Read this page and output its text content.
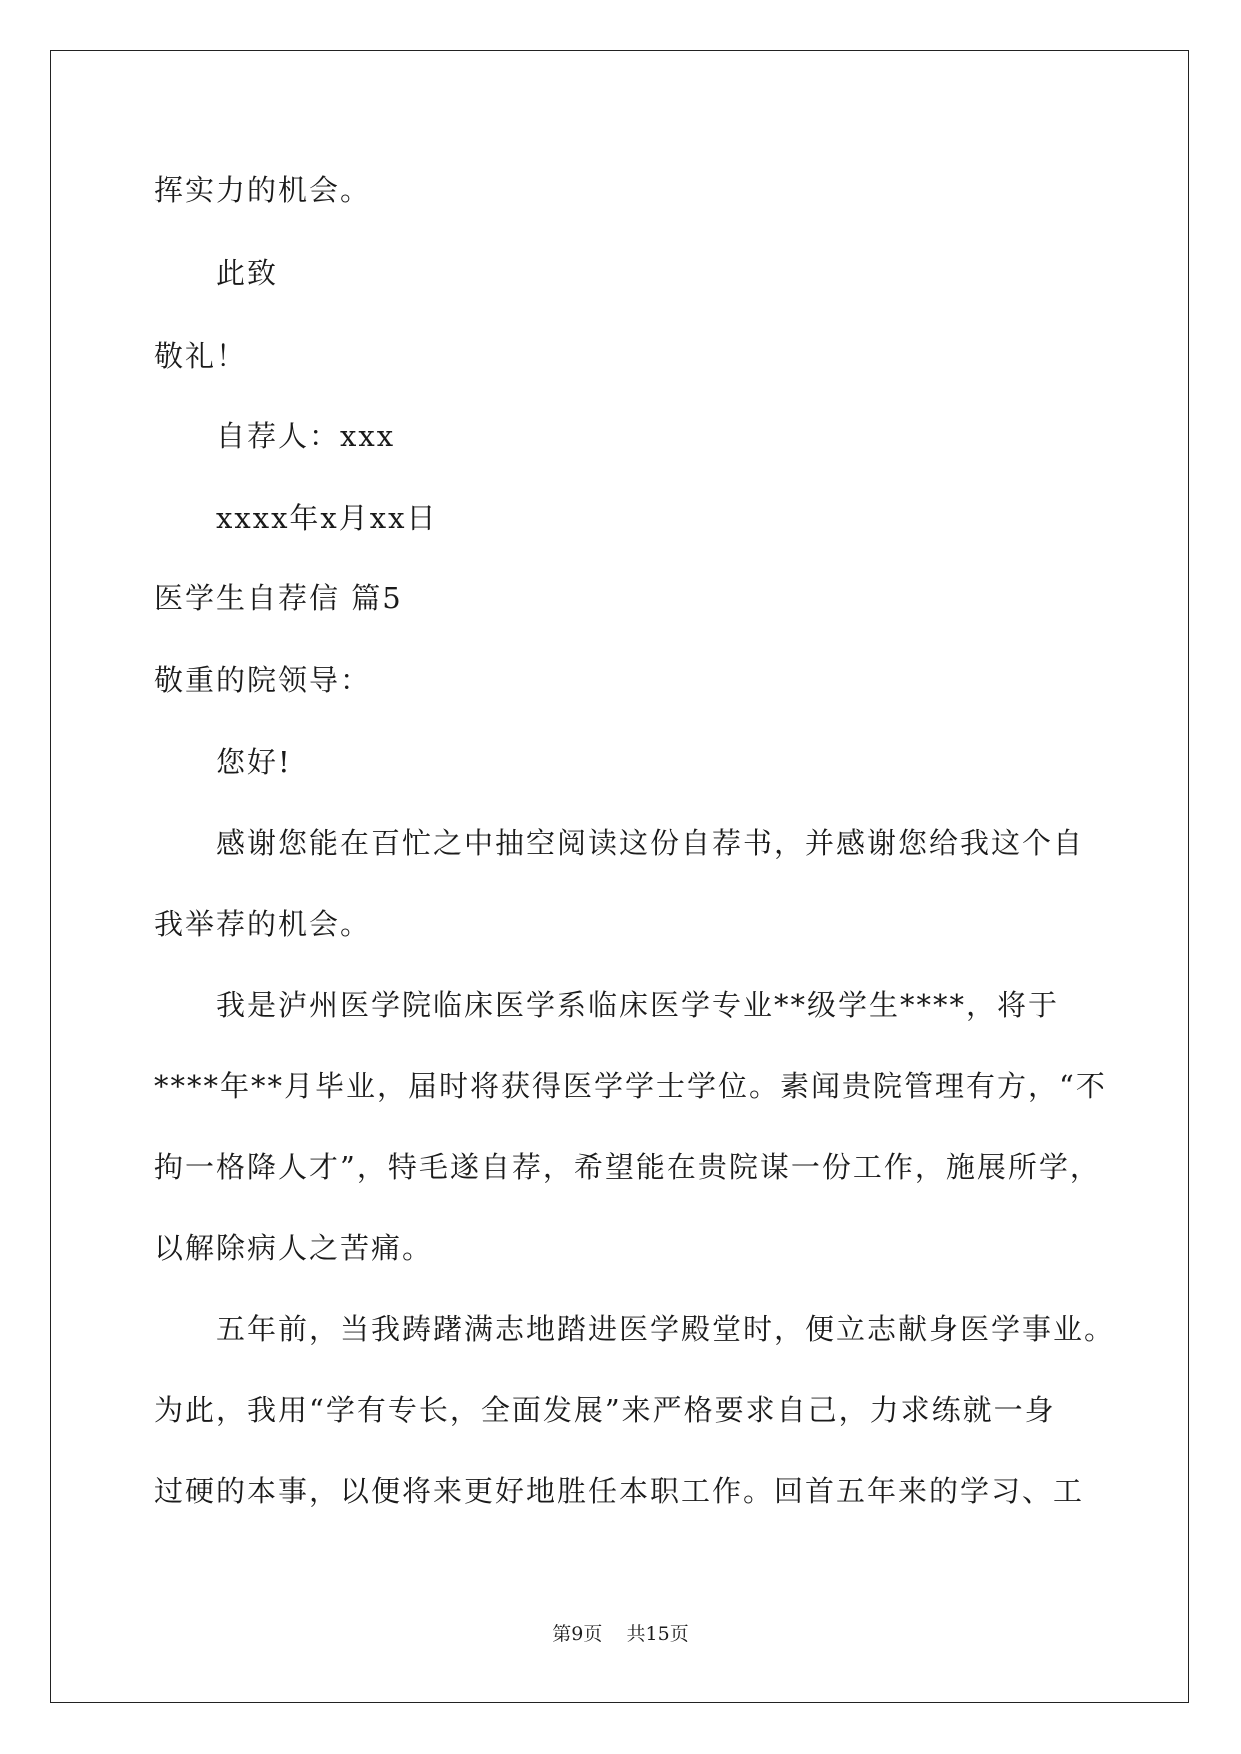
挥实力的机会。
此致
敬礼！
自荐人：xxx
xxxx年x月xx日
医学生自荐信 篇5
敬重的院领导：
您好!
感谢您能在百忙之中抽空阅读这份自荐书，并感谢您给我这个自
我举荐的机会。
我是泸州医学院临床医学系临床医学专业**级学生****，将于
****年**月毕业，届时将获得医学学士学位。素闻贵院管理有方，“不
拘一格降人才”，特毛遂自荐，希望能在贵院谋一份工作，施展所学，
以解除病人之苦痛。
五年前，当我踌躇满志地踏进医学殿堂时，便立志献身医学事业。
为此，我用“学有专长，全面发展”来严格要求自己，力求练就一身
过硬的本事，以便将来更好地胜任本职工作。回首五年来的学习、工
第9页    共15页
